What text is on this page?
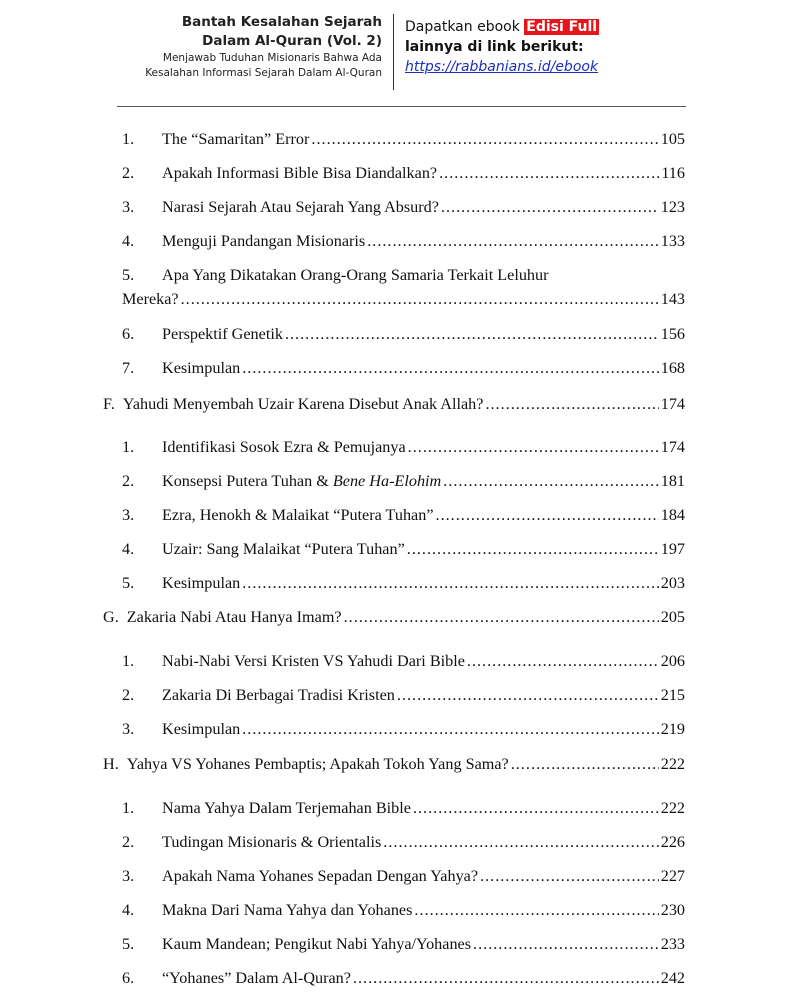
Bantah Kesalahan Sejarah
Dalam Al-Quran (Vol. 2)
Menjawab Tuduhan Misionaris Bahwa Ada
Kesalahan Informasi Sejarah Dalam Al-Quran
Dapatkan ebook Edisi Full
lainnya di link berikut:
https://rabbanians.id/ebook
1.	The “Samaritan” Error .....	105
2.	Apakah Informasi Bible Bisa Diandalkan? .....	116
3.	Narasi Sejarah Atau Sejarah Yang Absurd? .....	123
4.	Menguji Pandangan Misionaris .....	133
5. Apa Yang Dikatakan Orang-Orang Samaria Terkait Leluhur
Mereka? .....	143
6.	Perspektif Genetik .....	156
7.	Kesimpulan .....	168
F. Yahudi Menyembah Uzair Karena Disebut Anak Allah? .....	174
1.	Identifikasi Sosok Ezra & Pemujanya .....	174
2.	Konsepsi Putera Tuhan & Bene Ha-Elohim .....	181
3.	Ezra, Henokh & Malaikat “Putera Tuhan” .....	184
4.	Uzair: Sang Malaikat “Putera Tuhan” .....	197
5.	Kesimpulan .....	203
G. Zakaria Nabi Atau Hanya Imam? .....	205
1.	Nabi-Nabi Versi Kristen VS Yahudi Dari Bible .....	206
2.	Zakaria Di Berbagai Tradisi Kristen .....	215
3.	Kesimpulan .....	219
H. Yahya VS Yohanes Pembaptis; Apakah Tokoh Yang Sama? .....	222
1.	Nama Yahya Dalam Terjemahan Bible .....	222
2.	Tudingan Misionaris & Orientalis .....	226
3.	Apakah Nama Yohanes Sepadan Dengan Yahya? .....	227
4.	Makna Dari Nama Yahya dan Yohanes .....	230
5.	Kaum Mandean; Pengikut Nabi Yahya/Yohanes .....	233
6.	“Yohanes” Dalam Al-Quran? .....	242
